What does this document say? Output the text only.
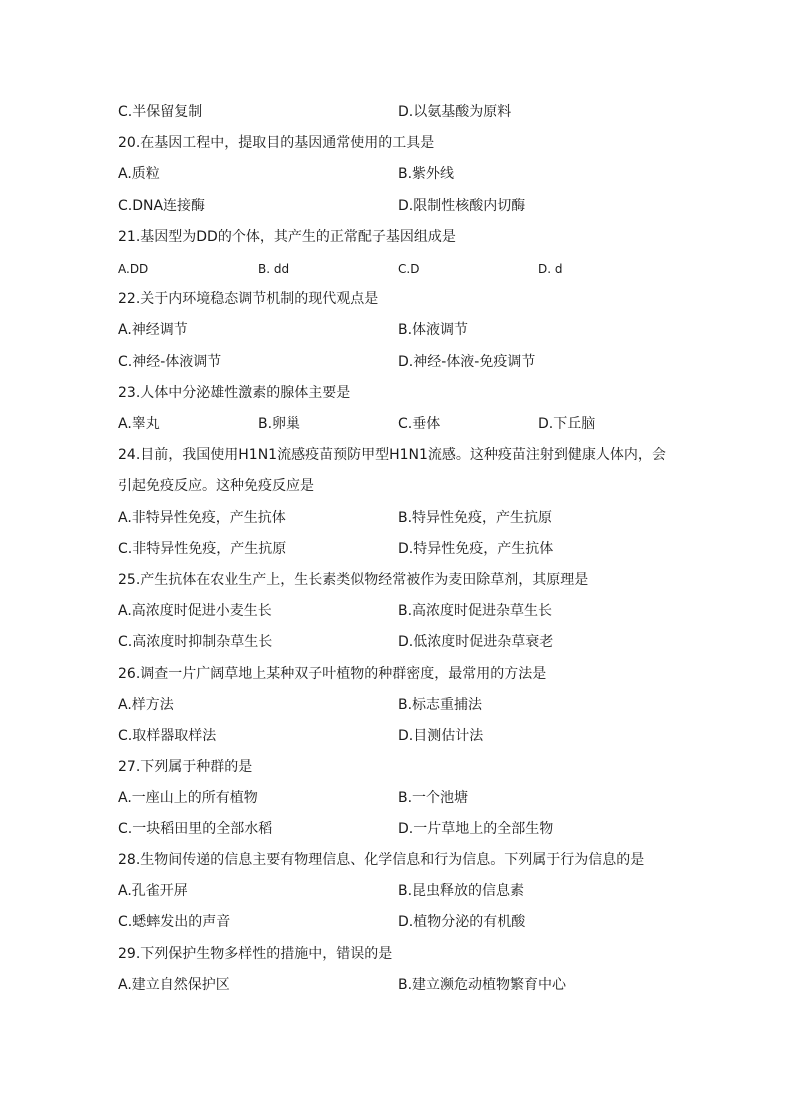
C.半保留复制	D.以氨基酸为原料
20.在基因工程中，提取目的基因通常使用的工具是
A.质粒	B.紫外线
C.DNA连接酶	D.限制性核酸内切酶
21.基因型为DD的个体，其产生的正常配子基因组成是
A.DD	B. dd	C.D	D. d
22.关于内环境稳态调节机制的现代观点是
A.神经调节	B.体液调节
C.神经-体液调节	D.神经-体液-免疫调节
23.人体中分泌雄性激素的腺体主要是
A.睾丸	B.卵巢	C.垂体	D.下丘脑
24.目前，我国使用H1N1流感疫苗预防甲型H1N1流感。这种疫苗注射到健康人体内，会
引起免疫反应。这种免疫反应是
A.非特异性免疫，产生抗体	B.特异性免疫，产生抗原
C.非特异性免疫，产生抗原	D.特异性免疫，产生抗体
25.产生抗体在农业生产上，生长素类似物经常被作为麦田除草剂，其原理是
A.高浓度时促进小麦生长	B.高浓度时促进杂草生长
C.高浓度时抑制杂草生长	D.低浓度时促进杂草衰老
26.调查一片广阔草地上某种双子叶植物的种群密度，最常用的方法是
A.样方法	B.标志重捕法
C.取样器取样法	D.目测估计法
27.下列属于种群的是
A.一座山上的所有植物	B.一个池塘
C.一块稻田里的全部水稻	D.一片草地上的全部生物
28.生物间传递的信息主要有物理信息、化学信息和行为信息。下列属于行为信息的是
A.孔雀开屏	B.昆虫释放的信息素
C.蟋蟀发出的声音	D.植物分泌的有机酸
29.下列保护生物多样性的措施中，错误的是
A.建立自然保护区	B.建立濒危动植物繁育中心
